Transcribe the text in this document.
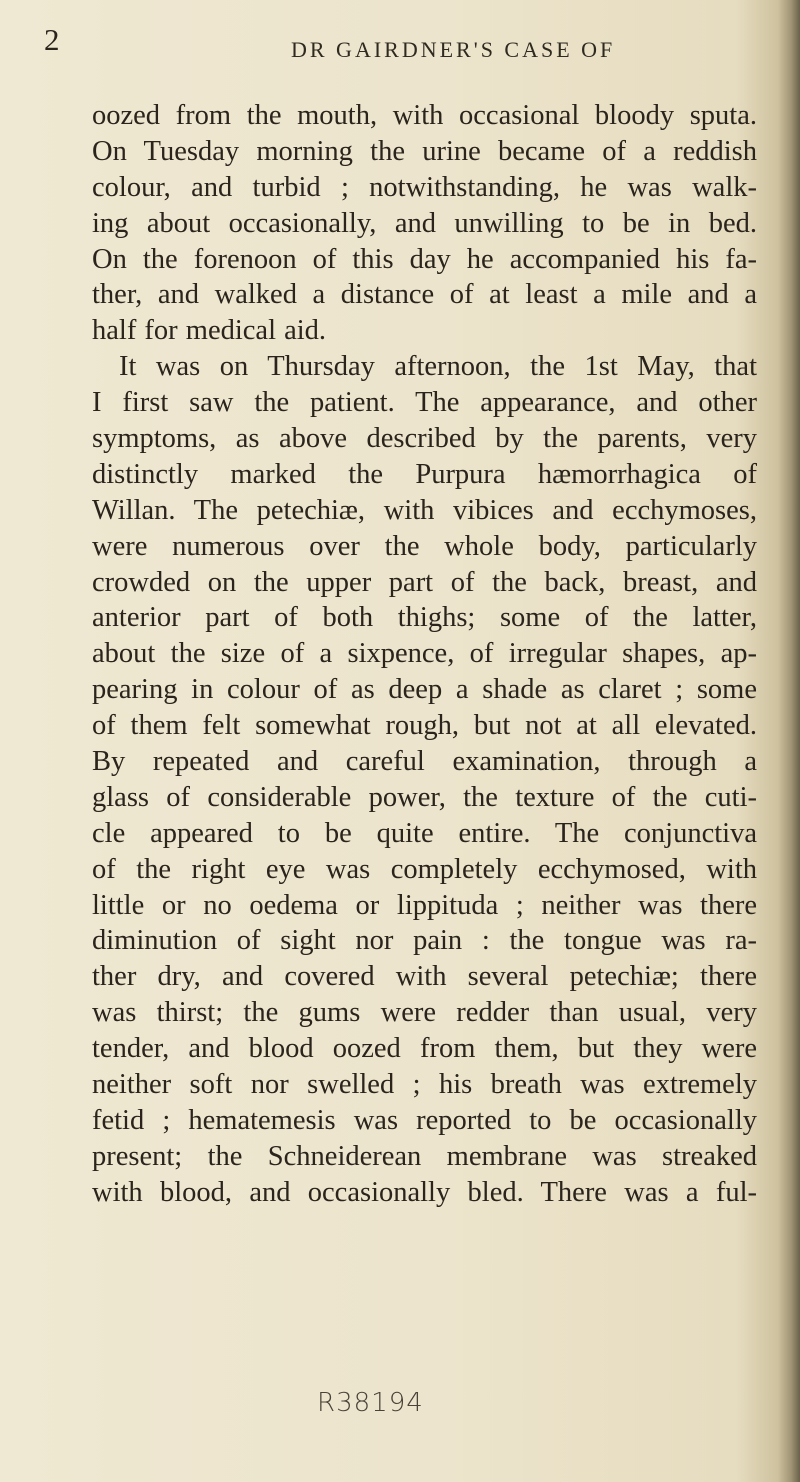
2	DR GAIRDNER'S CASE OF
oozed from the mouth, with occasional bloody sputa.
On Tuesday morning the urine became of a reddish
colour, and turbid ; notwithstanding, he was walk-
ing about occasionally, and unwilling to be in bed.
On the forenoon of this day he accompanied his fa-
ther, and walked a distance of at least a mile and a
half for medical aid.
It was on Thursday afternoon, the 1st May, that
I first saw the patient. The appearance, and other
symptoms, as above described by the parents, very
distinctly marked the Purpura hæmorrhagica of
Willan. The petechiæ, with vibices and ecchymoses,
were numerous over the whole body, particularly
crowded on the upper part of the back, breast, and
anterior part of both thighs; some of the latter,
about the size of a sixpence, of irregular shapes, ap-
pearing in colour of as deep a shade as claret ; some
of them felt somewhat rough, but not at all elevated.
By repeated and careful examination, through a
glass of considerable power, the texture of the cuti-
cle appeared to be quite entire. The conjunctiva
of the right eye was completely ecchymosed, with
little or no oedema or lippituda ; neither was there
diminution of sight nor pain : the tongue was ra-
ther dry, and covered with several petechiæ; there
was thirst; the gums were redder than usual, very
tender, and blood oozed from them, but they were
neither soft nor swelled ; his breath was extremely
fetid ; hematemesis was reported to be occasionally
present; the Schneiderean membrane was streaked
with blood, and occasionally bled. There was a ful-
R38194
